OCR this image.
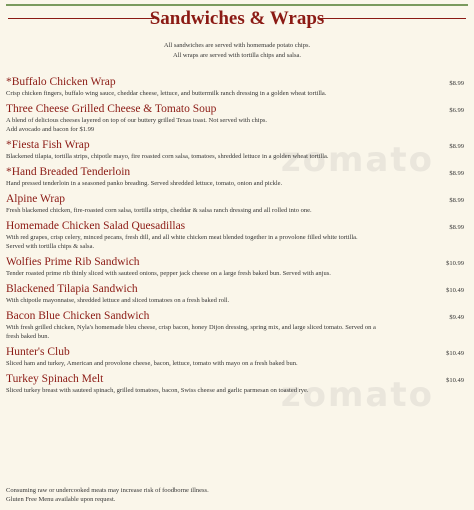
Sandwiches & Wraps
All sandwiches are served with homemade potato chips.
All wraps are served with tortilla chips and salsa.
zomato
zomato
*Buffalo Chicken Wrap	$8.99
Crisp chicken fingers, buffalo wing sauce, cheddar cheese, lettuce, and buttermilk ranch dressing in a golden wheat tortilla.
Three Cheese Grilled Cheese & Tomato Soup	$6.99
A blend of delicious cheeses layered on top of our buttery grilled Texas toast. Not served with chips.
Add avocado and bacon for $1.99
*Fiesta Fish Wrap	$8.99
Blackened tilapia, tortilla strips, chipotle mayo, fire roasted corn salsa, tomatoes, shredded lettuce in a golden wheat tortilla.
*Hand Breaded Tenderloin	$8.99
Hand pressed tenderloin in a seasoned panko breading. Served shredded lettuce, tomato, onion and pickle.
Alpine Wrap	$8.99
Fresh blackened chicken, fire-roasted corn salsa, tortilla strips, cheddar & salsa ranch dressing and all rolled into one.
Homemade Chicken Salad Quesadillas	$8.99
With red grapes, crisp celery, minced pecans, fresh dill, and all white chicken meat blended together in a provolone filled white tortilla.
Served with tortilla chips & salsa.
Wolfies Prime Rib Sandwich	$10.99
Tender roasted prime rib thinly sliced with sauteed onions, pepper jack cheese on a large fresh baked bun. Served with anjus.
Blackened Tilapia Sandwich	$10.49
With chipotle mayonnaise, shredded lettuce and sliced tomatoes on a fresh baked roll.
Bacon Blue Chicken Sandwich	$9.49
With fresh grilled chicken, Nyla's homemade bleu cheese, crisp bacon, honey Dijon dressing, spring mix, and large sliced tomato. Served on a
fresh baked bun.
Hunter's Club	$10.49
Sliced ham and turkey, American and provolone cheese, bacon, lettuce, tomato with mayo on a fresh baked bun.
Turkey Spinach Melt	$10.49
Sliced turkey breast with sauteed spinach, grilled tomatoes, bacon, Swiss cheese and garlic parmesan on toasted rye.
Consuming raw or undercooked meats may increase risk of foodborne illness.
Gluten Free Menu available upon request.
